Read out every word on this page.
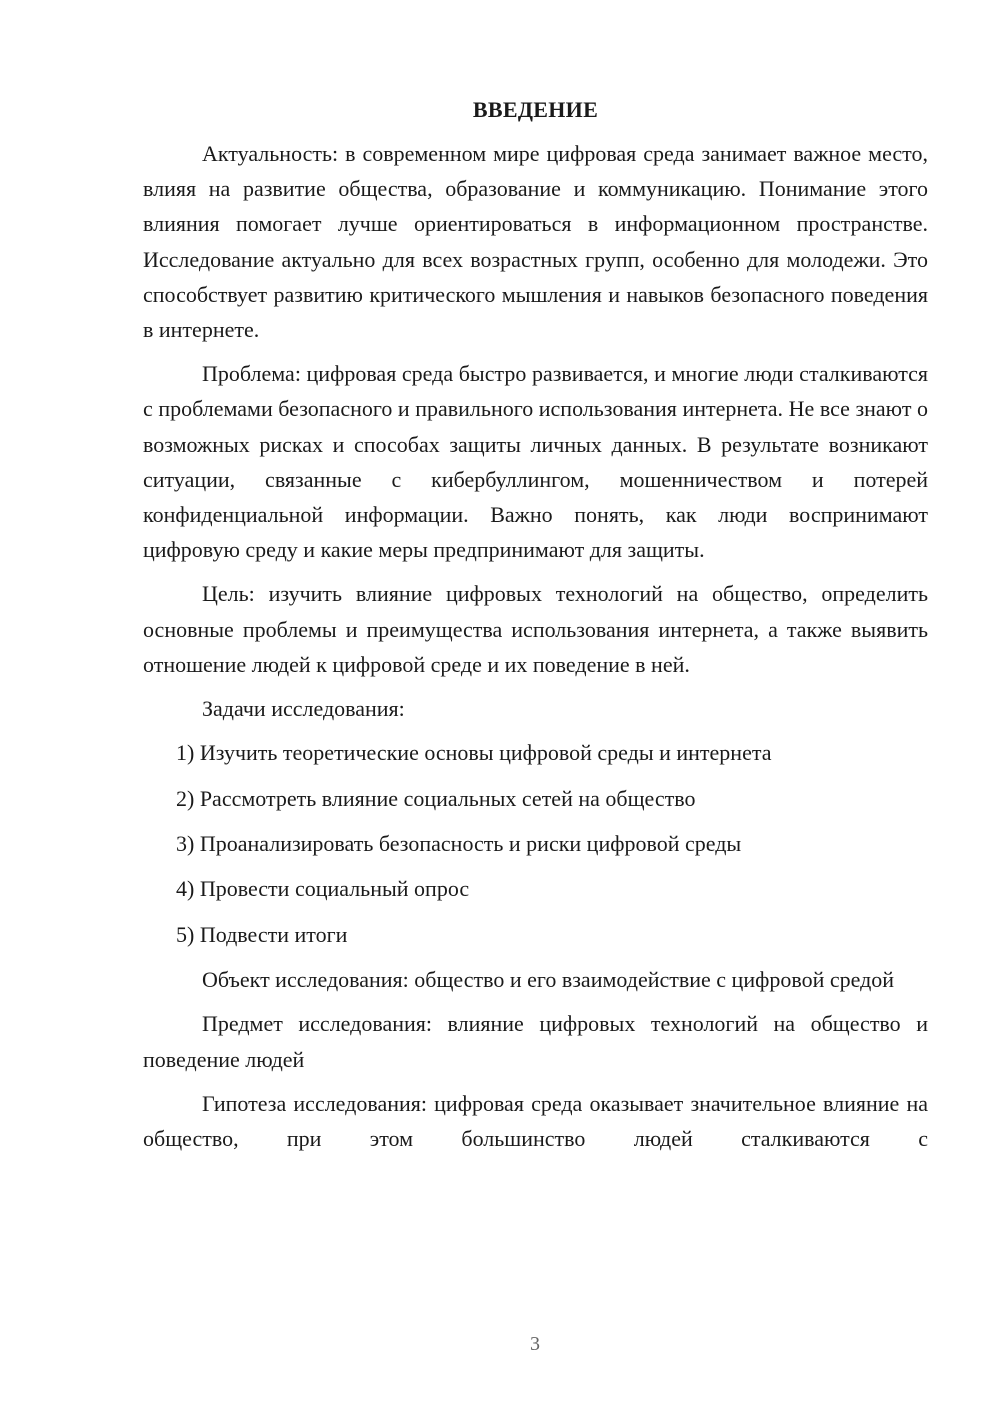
ВВЕДЕНИЕ

Актуальность: в современном мире цифровая среда занимает важное место, влияя на развитие общества, образование и коммуникацию. Понимание этого влияния помогает лучше ориентироваться в информационном пространстве. Исследование актуально для всех возрастных групп, особенно для молодежи. Это способствует развитию критического мышления и навыков безопасного поведения в интернете.

Проблема: цифровая среда быстро развивается, и многие люди сталкиваются с проблемами безопасного и правильного использования интернета. Не все знают о возможных рисках и способах защиты личных данных. В результате возникают ситуации, связанные с кибербуллингом, мошенничеством и потерей конфиденциальной информации. Важно понять, как люди воспринимают цифровую среду и какие меры предпринимают для защиты.

Цель: изучить влияние цифровых технологий на общество, определить основные проблемы и преимущества использования интернета, а также выявить отношение людей к цифровой среде и их поведение в ней.

Задачи исследования:

1) Изучить теоретические основы цифровой среды и интернета
2) Рассмотреть влияние социальных сетей на общество
3) Проанализировать безопасность и риски цифровой среды
4) Провести социальный опрос
5) Подвести итоги

Объект исследования: общество и его взаимодействие с цифровой средой

Предмет исследования: влияние цифровых технологий на общество и поведение людей

Гипотеза исследования: цифровая среда оказывает значительное влияние на общество, при этом большинство людей сталкиваются с

3
